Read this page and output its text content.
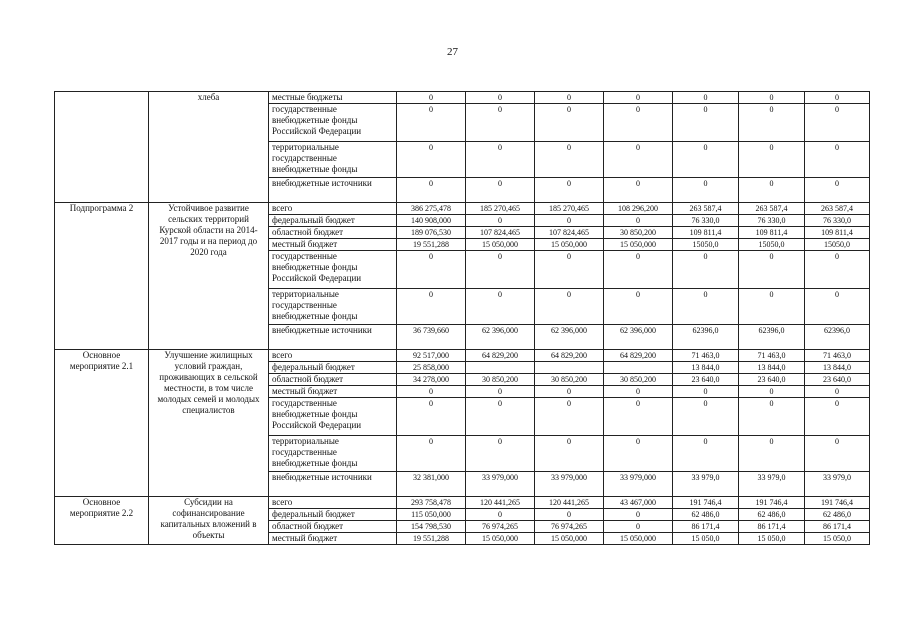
27
	хлеба	местные бюджеты	0	0	0	0	0	0	0
		государственные внебюджетные фонды Российской Федерации	0	0	0	0	0	0	0
		территориальные государственные внебюджетные фонды	0	0	0	0	0	0	0
		внебюджетные источники	0	0	0	0	0	0	0
Подпрограмма 2	Устойчивое развитие сельских территорий Курской области на 2014-2017 годы и на период до 2020 года	всего	386 275,478	185 270,465	185 270,465	108 296,200	263 587,4	263 587,4	263 587,4
		федеральный бюджет	140 908,000	0	0	0	76 330,0	76 330,0	76 330,0
		областной бюджет	189 076,530	107 824,465	107 824,465	30 850,200	109 811,4	109 811,4	109 811,4
		местный бюджет	19 551,288	15 050,000	15 050,000	15 050,000	15050,0	15050,0	15050,0
		государственные внебюджетные фонды Российской Федерации	0	0	0	0	0	0	0
		территориальные государственные внебюджетные фонды	0	0	0	0	0	0	0
		внебюджетные источники	36 739,660	62 396,000	62 396,000	62 396,000	62396,0	62396,0	62396,0
Основное мероприятие 2.1	Улучшение жилищных условий граждан, проживающих в сельской местности, в том числе молодых семей и молодых специалистов	всего	92 517,000	64 829,200	64 829,200	64 829,200	71 463,0	71 463,0	71 463,0
		федеральный бюджет	25 858,000				13 844,0	13 844,0	13 844,0
		областной бюджет	34 278,000	30 850,200	30 850,200	30 850,200	23 640,0	23 640,0	23 640,0
		местный бюджет	0	0	0	0	0	0	0
		государственные внебюджетные фонды Российской Федерации	0	0	0	0	0	0	0
		территориальные государственные внебюджетные фонды	0	0	0	0	0	0	0
		внебюджетные источники	32 381,000	33 979,000	33 979,000	33 979,000	33 979,0	33 979,0	33 979,0
Основное мероприятие 2.2	Субсидии на софинансирование капитальных вложений в объекты	всего	293 758,478	120 441,265	120 441,265	43 467,000	191 746,4	191 746,4	191 746,4
		федеральный бюджет	115 050,000	0	0	0	62 486,0	62 486,0	62 486,0
		областной бюджет	154 798,530	76 974,265	76 974,265	0	86 171,4	86 171,4	86 171,4
		местный бюджет	19 551,288	15 050,000	15 050,000	15 050,000	15 050,0	15 050,0	15 050,0
